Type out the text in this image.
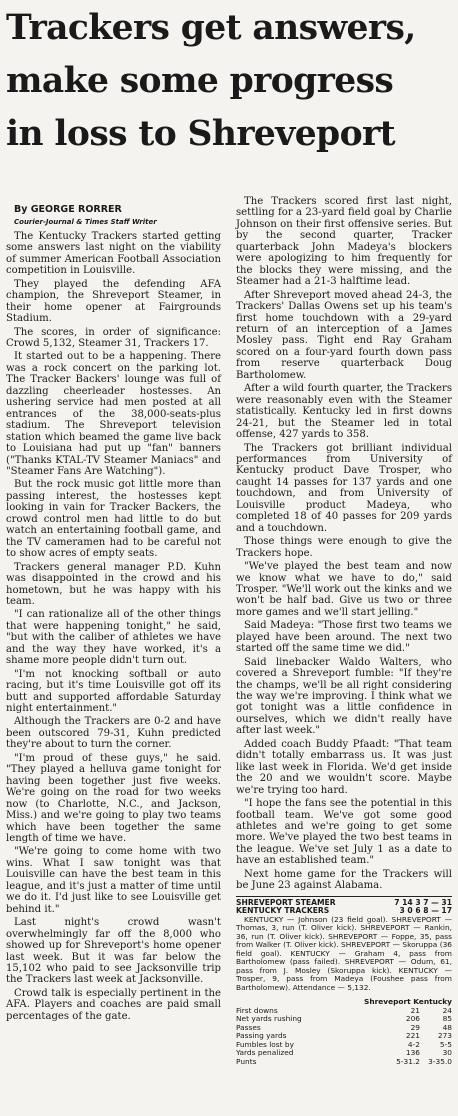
Trackers get answers,
make some progress
in loss to Shreveport

By GEORGE RORRER

Courier-Journal & Times Staff Writer

The Kentucky Trackers started getting some answers last night on the viability of summer American Football Association competition in Louisville.

They played the defending AFA champion, the Shreveport Steamer, in their home opener at Fairgrounds Stadium.

The scores, in order of significance: Crowd 5,132, Steamer 31, Trackers 17.

It started out to be a happening. There was a rock concert on the parking lot. The Tracker Backers' lounge was full of dazzling cheerleader hostesses. An ushering service had men posted at all entrances of the 38,000-seats-plus stadium. The Shreveport television station which beamed the game live back to Louisiana had put up "fan" banners ("Thanks KTAL-TV Steamer Maniacs" and "Steamer Fans Are Watching").

But the rock music got little more than passing interest, the hostesses kept looking in vain for Tracker Backers, the crowd control men had little to do but watch an entertaining football game, and the TV cameramen had to be careful not to show acres of empty seats.

Trackers general manager P.D. Kuhn was disappointed in the crowd and his hometown, but he was happy with his team.

"I can rationalize all of the other things that were happening tonight," he said, "but with the caliber of athletes we have and the way they have worked, it's a shame more people didn't turn out.

"I'm not knocking softball or auto racing, but it's time Louisville got off its butt and supported affordable Saturday night entertainment."

Although the Trackers are 0-2 and have been outscored 79-31, Kuhn predicted they're about to turn the corner.

"I'm proud of these guys," he said. "They played a helluva game tonight for having been together just five weeks. We're going on the road for two weeks now (to Charlotte, N.C., and Jackson, Miss.) and we're going to play two teams which have been together the same length of time we have.

"We're going to come home with two wins. What I saw tonight was that Louisville can have the best team in this league, and it's just a matter of time until we do it. I'd just like to see Louisville get behind it."

Last night's crowd wasn't overwhelmingly far off the 8,000 who showed up for Shreveport's home opener last week. But it was far below the 15,102 who paid to see Jacksonville trip the Trackers last week at Jacksonville.

Crowd talk is especially pertinent in the AFA. Players and coaches are paid small percentages of the gate.

The Trackers scored first last night, settling for a 23-yard field goal by Charlie Johnson on their first offensive series. But by the second quarter, Tracker quarterback John Madeya's blockers were apologizing to him frequently for the blocks they were missing, and the Steamer had a 21-3 halftime lead.

After Shreveport moved ahead 24-3, the Trackers' Dallas Owens set up his team's first home touchdown with a 29-yard return of an interception of a James Mosley pass. Tight end Ray Graham scored on a four-yard fourth down pass from reserve quarterback Doug Bartholomew.

After a wild fourth quarter, the Trackers were reasonably even with the Steamer statistically. Kentucky led in first downs 24-21, but the Steamer led in total offense, 427 yards to 358.

The Trackers got brilliant individual performances from University of Kentucky product Dave Trosper, who caught 14 passes for 137 yards and one touchdown, and from University of Louisville product Madeya, who completed 18 of 40 passes for 209 yards and a touchdown.

Those things were enough to give the Trackers hope.

"We've played the best team and now we know what we have to do," said Trosper. "We'll work out the kinks and we won't be half bad. Give us two or three more games and we'll start jelling."

Said Madeya: "Those first two teams we played have been around. The next two started off the same time we did."

Said linebacker Waldo Walters, who covered a Shreveport fumble: "If they're the champs, we'll be all right considering the way we're improving. I think what we got tonight was a little confidence in ourselves, which we didn't really have after last week."

Added coach Buddy Pfaadt: "That team didn't totally embarrass us. It was just like last week in Florida. We'd get inside the 20 and we wouldn't score. Maybe we're trying too hard.

"I hope the fans see the potential in this football team. We've got some good athletes and we're going to get some more. We've played the two best teams in the league. We've set July 1 as a date to have an established team."

Next home game for the Trackers will be June 23 against Alabama.

SHREVEPORT STEAMER	7 14 3 7 — 31
KENTUCKY TRACKERS	3 0 6 8 — 17

KENTUCKY — Johnson (23 field goal). SHREVEPORT — Thomas, 3, run (T. Oliver kick). SHREVEPORT — Rankin, 36, run (T. Oliver kick). SHREVEPORT — Foppe, 35, pass from Walker (T. Oliver kick). SHREVEPORT — Skoruppa (36 field goal). KENTUCKY — Graham 4, pass from Bartholomew (pass failed). SHREVEPORT — Odum, 61, pass from J. Mosley (Skoruppa kick). KENTUCKY — Trosper, 9, pass from Madeya (Foushee pass from Bartholomew). Attendance — 5,132.

Shreveport Kentucky
First downs	21	24
Net yards rushing	206	85
Passes	29	48
Passing yards	221	273
Fumbles lost by	4-2	5-5
Yards penalized	136	30
Punts	5-31.2	3-35.0
